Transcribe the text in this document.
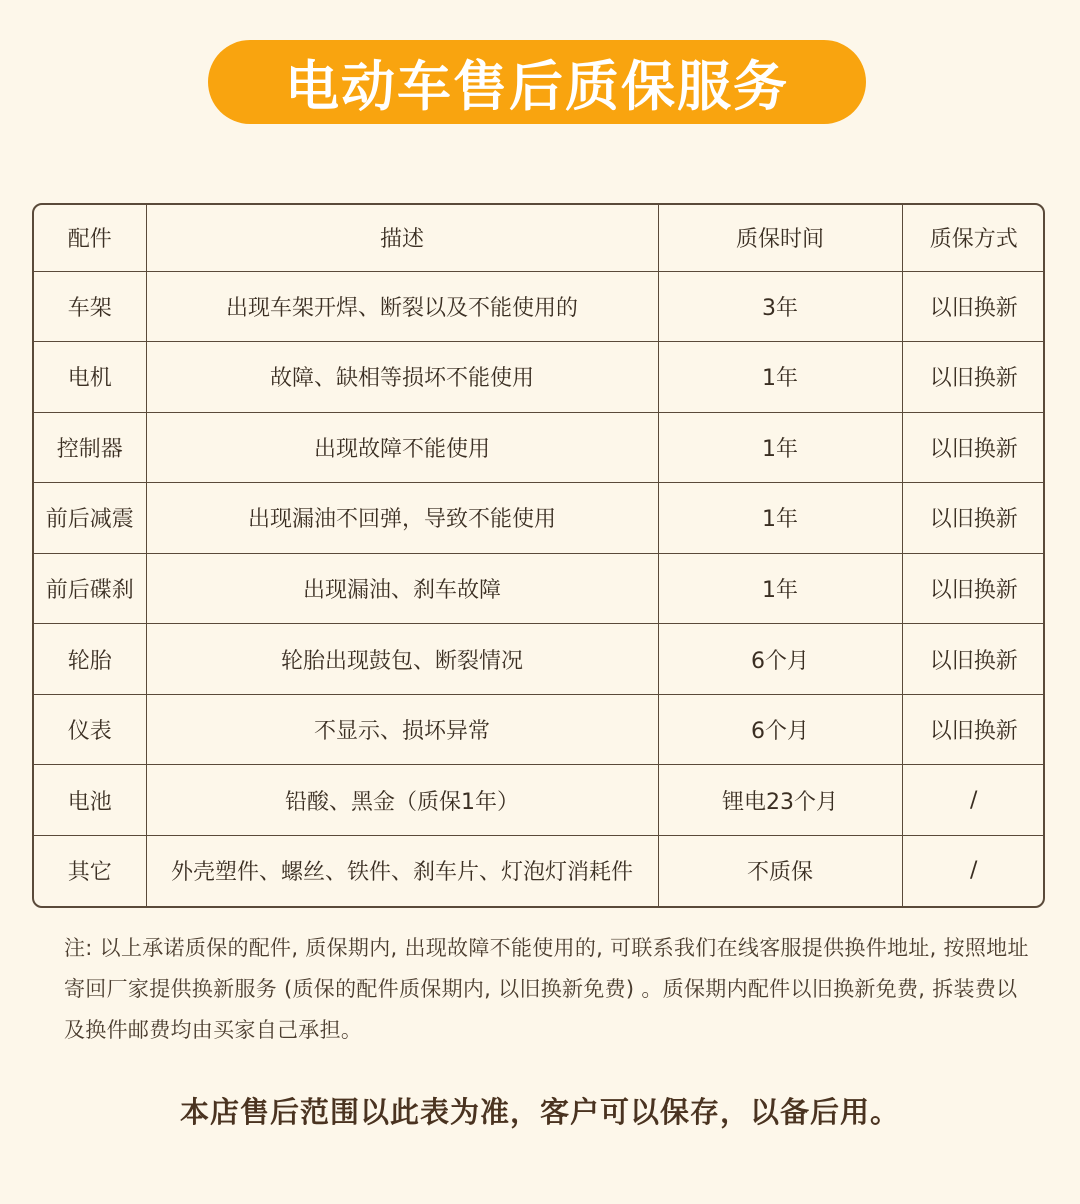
电动车售后质保服务
配件	描述	质保时间	质保方式
车架	出现车架开焊、断裂以及不能使用的	3年	以旧换新
电机	故障、缺相等损坏不能使用	1年	以旧换新
控制器	出现故障不能使用	1年	以旧换新
前后减震	出现漏油不回弹，导致不能使用	1年	以旧换新
前后碟刹	出现漏油、刹车故障	1年	以旧换新
轮胎	轮胎出现鼓包、断裂情况	6个月	以旧换新
仪表	不显示、损坏异常	6个月	以旧换新
电池	铅酸、黑金（质保1年）	锂电23个月	/
其它	外壳塑件、螺丝、铁件、刹车片、灯泡灯消耗件	不质保	/
注: 以上承诺质保的配件, 质保期内, 出现故障不能使用的, 可联系我们在线客服提供换件地址, 按照地址寄回厂家提供换新服务 (质保的配件质保期内, 以旧换新免费) 。质保期内配件以旧换新免费, 拆装费以及换件邮费均由买家自己承担。
本店售后范围以此表为准，客户可以保存，以备后用。
